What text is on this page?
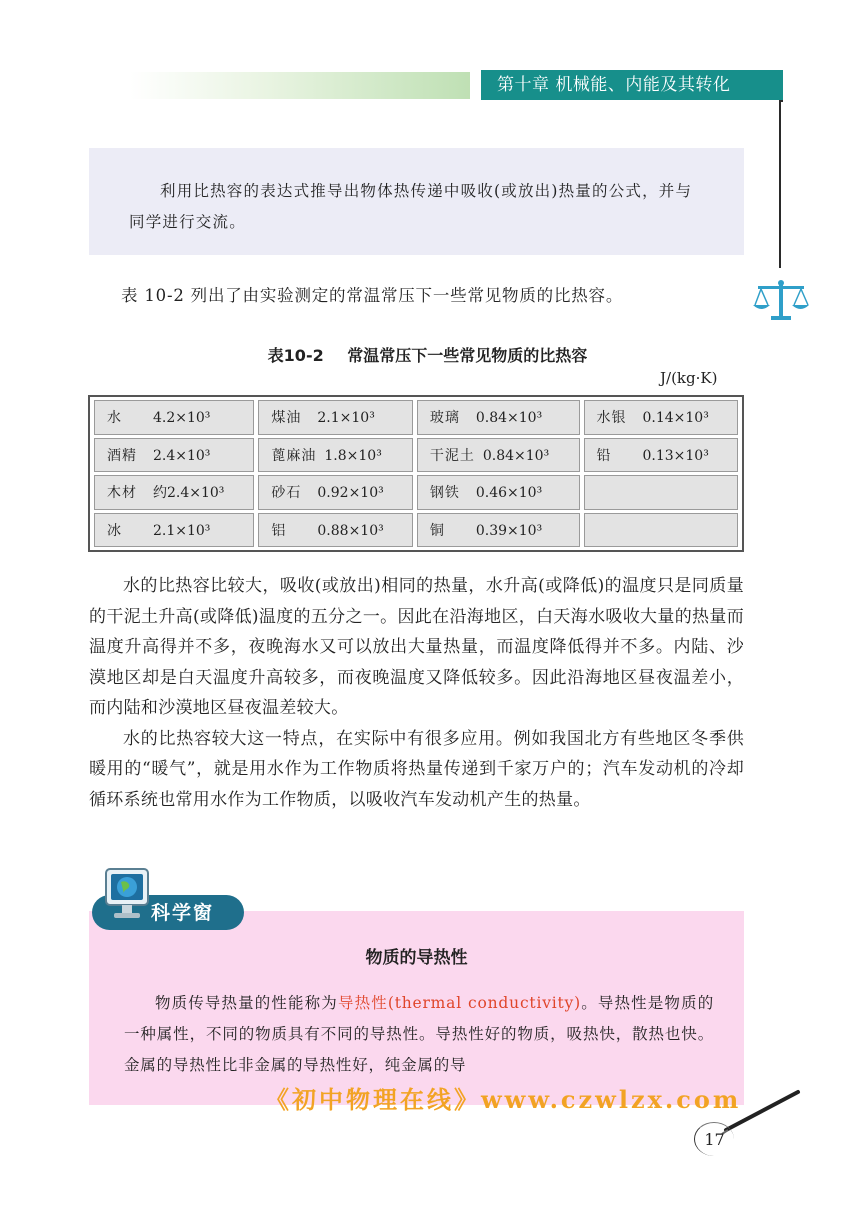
第十章 机械能、内能及其转化

利用比热容的表达式推导出物体热传递中吸收(或放出)热量的公式，并与同学进行交流。

表 10-2 列出了由实验测定的常温常压下一些常见物质的比热容。
表10-2 常温常压下一些常见物质的比热容
J/(kg·K)
水 4.2×10³	煤油 2.1×10³	玻璃 0.84×10³	水银 0.14×10³
酒精 2.4×10³	蓖麻油 1.8×10³	干泥土 0.84×10³	铅 0.13×10³
木材 约2.4×10³	砂石 0.92×10³	钢铁 0.46×10³	
冰 2.1×10³	铝 0.88×10³	铜 0.39×10³	

水的比热容比较大，吸收(或放出)相同的热量，水升高(或降低)的温度只是同质量的干泥土升高(或降低)温度的五分之一。因此在沿海地区，白天海水吸收大量的热量而温度升高得并不多，夜晚海水又可以放出大量热量，而温度降低得并不多。内陆、沙漠地区却是白天温度升高较多，而夜晚温度又降低较多。因此沿海地区昼夜温差小，而内陆和沙漠地区昼夜温差较大。

水的比热容较大这一特点，在实际中有很多应用。例如我国北方有些地区冬季供暖用的“暖气”，就是用水作为工作物质将热量传递到千家万户的；汽车发动机的冷却循环系统也常用水作为工作物质，以吸收汽车发动机产生的热量。

科学窗
物质的导热性

物质传导热量的性能称为导热性(thermal conductivity)。导热性是物质的一种属性，不同的物质具有不同的导热性。导热性好的物质，吸热快，散热也快。金属的导热性比非金属的导热性好，纯金属的导

《初中物理在线》www.czwlzx.com
17
